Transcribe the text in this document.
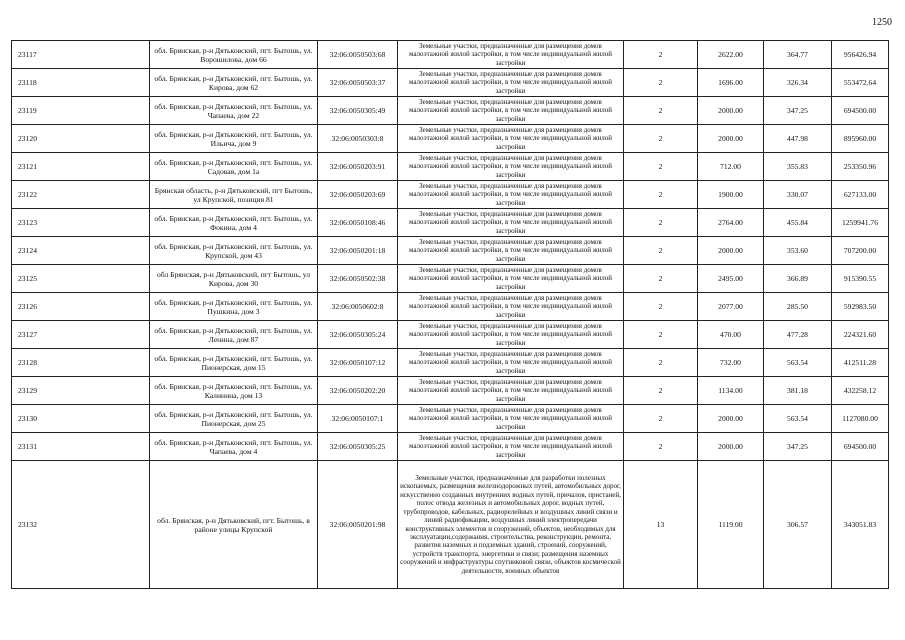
1250
23117	обл. Брянская, р-н Дятьковский, пгт. Бытошь, ул. Ворошилова, дом 66	32:06:0050503:68	Земельные участки, предназначенные для размещения домов малоэтажной жилой застройки, в том числе индивидуальной жилой застройки	2	2622.00	364.77	956426.94
23118	обл. Брянская, р-н Дятьковский, пгт. Бытошь, ул. Кирова, дом 62	32:06:0050503:37	Земельные участки, предназначенные для размещения домов малоэтажной жилой застройки, в том числе индивидуальной жилой застройки	2	1696.00	326.34	553472.64
23119	обл. Брянская, р-н Дятьковский, пгт. Бытошь, ул. Чапаева, дом 22	32:06:0050305:49	Земельные участки, предназначенные для размещения домов малоэтажной жилой застройки, в том числе индивидуальной жилой застройки	2	2000.00	347.25	694500.00
23120	обл. Брянская, р-н Дятьковский, пгт. Бытошь, ул. Ильича, дом 9	32:06:0050303:8	Земельные участки, предназначенные для размещения домов малоэтажной жилой застройки, в том числе индивидуальной жилой застройки	2	2000.00	447.98	895960.00
23121	обл. Брянская, р-н Дятьковский, пгт. Бытошь, ул. Садовая, дом 1а	32:06:0050203:91	Земельные участки, предназначенные для размещения домов малоэтажной жилой застройки, в том числе индивидуальной жилой застройки	2	712.00	355.83	253350.96
23122	Брянская область, р-н Дятьковский, пгт Бытошь, ул Крупской, позиция 81	32:06:0050203:69	Земельные участки, предназначенные для размещения домов малоэтажной жилой застройки, в том числе индивидуальной жилой застройки	2	1900.00	330.07	627133.00
23123	обл. Брянская, р-н Дятьковский, пгт. Бытошь, ул. Фокина, дом 4	32:06:0050108:46	Земельные участки, предназначенные для размещения домов малоэтажной жилой застройки, в том числе индивидуальной жилой застройки	2	2764.00	455.84	1259941.76
23124	обл. Брянская, р-н Дятьковский, пгт. Бытошь, ул. Крупской, дом 43	32:06:0050201:18	Земельные участки, предназначенные для размещения домов малоэтажной жилой застройки, в том числе индивидуальной жилой застройки	2	2000.00	353.60	707200.00
23125	обл Брянская, р-н Дятьковский, пгт Бытошь, ул Кирова, дом 30	32:06:0050502:38	Земельные участки, предназначенные для размещения домов малоэтажной жилой застройки, в том числе индивидуальной жилой застройки	2	2495.00	366.89	915390.55
23126	обл. Брянская, р-н Дятьковский, пгт. Бытошь, ул. Пушкина, дом 3	32:06:0050602:8	Земельные участки, предназначенные для размещения домов малоэтажной жилой застройки, в том числе индивидуальной жилой застройки	2	2077.00	285.50	592983.50
23127	обл. Брянская, р-н Дятьковский, пгт. Бытошь, ул. Ленина, дом 87	32:06:0050305:24	Земельные участки, предназначенные для размещения домов малоэтажной жилой застройки, в том числе индивидуальной жилой застройки	2	470.00	477.28	224321.60
23128	обл. Брянская, р-н Дятьковский, пгт. Бытошь, ул. Пионерская, дом 15	32:06:0050107:12	Земельные участки, предназначенные для размещения домов малоэтажной жилой застройки, в том числе индивидуальной жилой застройки	2	732.00	563.54	412511.28
23129	обл. Брянская, р-н Дятьковский, пгт. Бытошь, ул. Калинина, дом 13	32:06:0050202:20	Земельные участки, предназначенные для размещения домов малоэтажной жилой застройки, в том числе индивидуальной жилой застройки	2	1134.00	381.18	432258.12
23130	обл. Брянская, р-н Дятьковский, пгт. Бытошь, ул. Пионерская, дом 25	32:06:0050107:1	Земельные участки, предназначенные для размещения домов малоэтажной жилой застройки, в том числе индивидуальной жилой застройки	2	2000.00	563.54	1127080.00
23131	обл. Брянская, р-н Дятьковский, пгт. Бытошь, ул. Чапаева, дом 4	32:06:0050305:25	Земельные участки, предназначенные для размещения домов малоэтажной жилой застройки, в том числе индивидуальной жилой застройки	2	2000.00	347.25	694500.00
23132	обл. Брянская, р-н Дятьковский, пгт. Бытошь, в районе улицы Крупской	32:06:0050201:98	Земельные участки, предназначенные для разработки полезных ископаемых, размещения железнодорожных путей, автомобильных дорог, искусственно созданных внутренних водных путей, причалов, пристаней, полос отвода железных и автомобильных дорог, водных путей, трубопроводов, кабельных, радиорелейных и воздушных линий связи и линий радиофикации, воздушных линий электропередачи конструктивных элементов и сооружений, объектов, необходимых для эксплуатации,содержания, строительства, реконструкции, ремонта, развития наземных и подземных зданий, строений, сооружений, устройств транспорта, энергетики и связи; размещения наземных сооружений и инфраструктуры спутниковой связи, объектов космической деятельности, военных объектов	13	1119.00	306.57	343051.83
